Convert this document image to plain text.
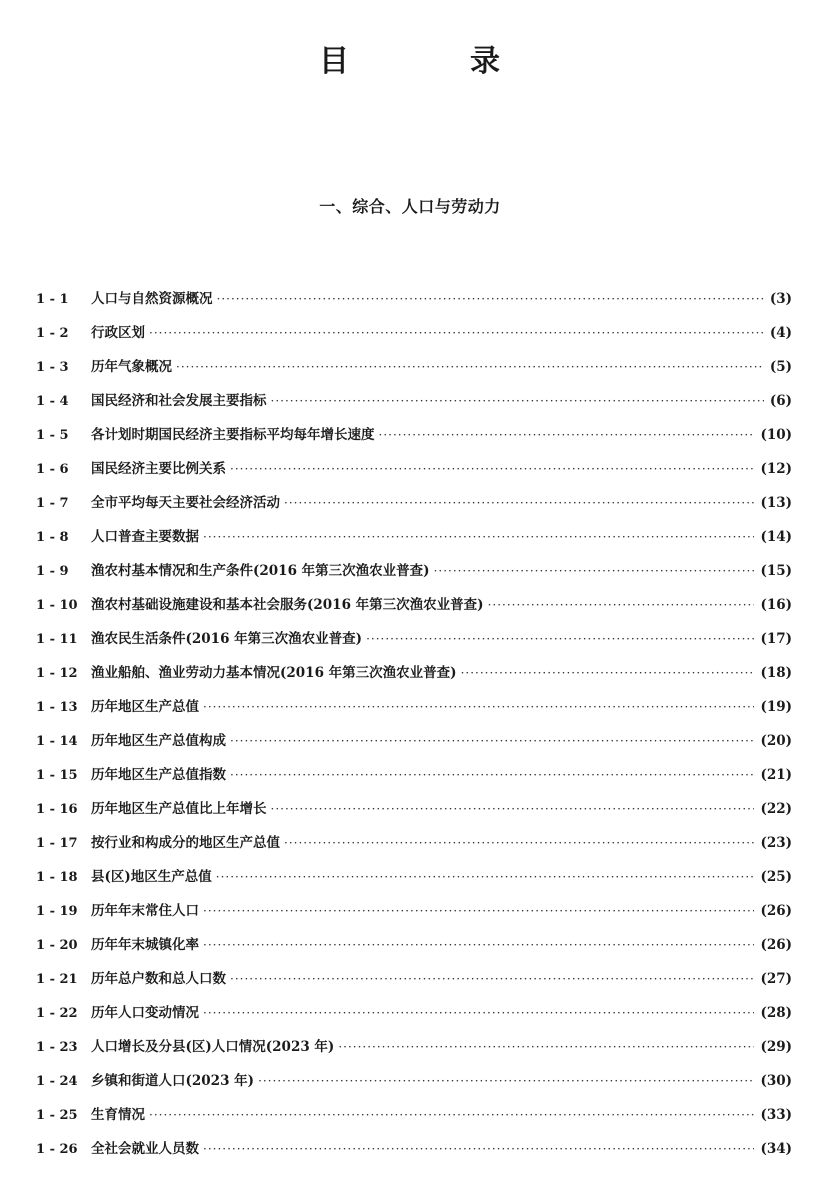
目	录
一、综合、人口与劳动力
1 - 1	人口与自然资源概况 ·····	(3)
1 - 2	行政区划 ·····	(4)
1 - 3	历年气象概况 ·····	(5)
1 - 4	国民经济和社会发展主要指标 ·····	(6)
1 - 5	各计划时期国民经济主要指标平均每年增长速度 ·····	(10)
1 - 6	国民经济主要比例关系 ·····	(12)
1 - 7	全市平均每天主要社会经济活动 ·····	(13)
1 - 8	人口普查主要数据 ·····	(14)
1 - 9	渔农村基本情况和生产条件(2016 年第三次渔农业普查) ·····	(15)
1 - 10 渔农村基础设施建设和基本社会服务(2016 年第三次渔农业普查) ·····	(16)
1 - 11 渔农民生活条件(2016 年第三次渔农业普查) ·····	(17)
1 - 12 渔业船舶、渔业劳动力基本情况(2016 年第三次渔农业普查) ·····	(18)
1 - 13 历年地区生产总值 ·····	(19)
1 - 14 历年地区生产总值构成 ·····	(20)
1 - 15 历年地区生产总值指数 ·····	(21)
1 - 16 历年地区生产总值比上年增长 ·····	(22)
1 - 17 按行业和构成分的地区生产总值 ·····	(23)
1 - 18 县(区)地区生产总值 ·····	(25)
1 - 19 历年年末常住人口 ·····	(26)
1 - 20 历年年末城镇化率 ·····	(26)
1 - 21 历年总户数和总人口数 ·····	(27)
1 - 22 历年人口变动情况 ·····	(28)
1 - 23 人口增长及分县(区)人口情况(2023 年) ·····	(29)
1 - 24 乡镇和街道人口(2023 年) ·····	(30)
1 - 25 生育情况 ·····	(33)
1 - 26 全社会就业人员数 ·····	(34)
